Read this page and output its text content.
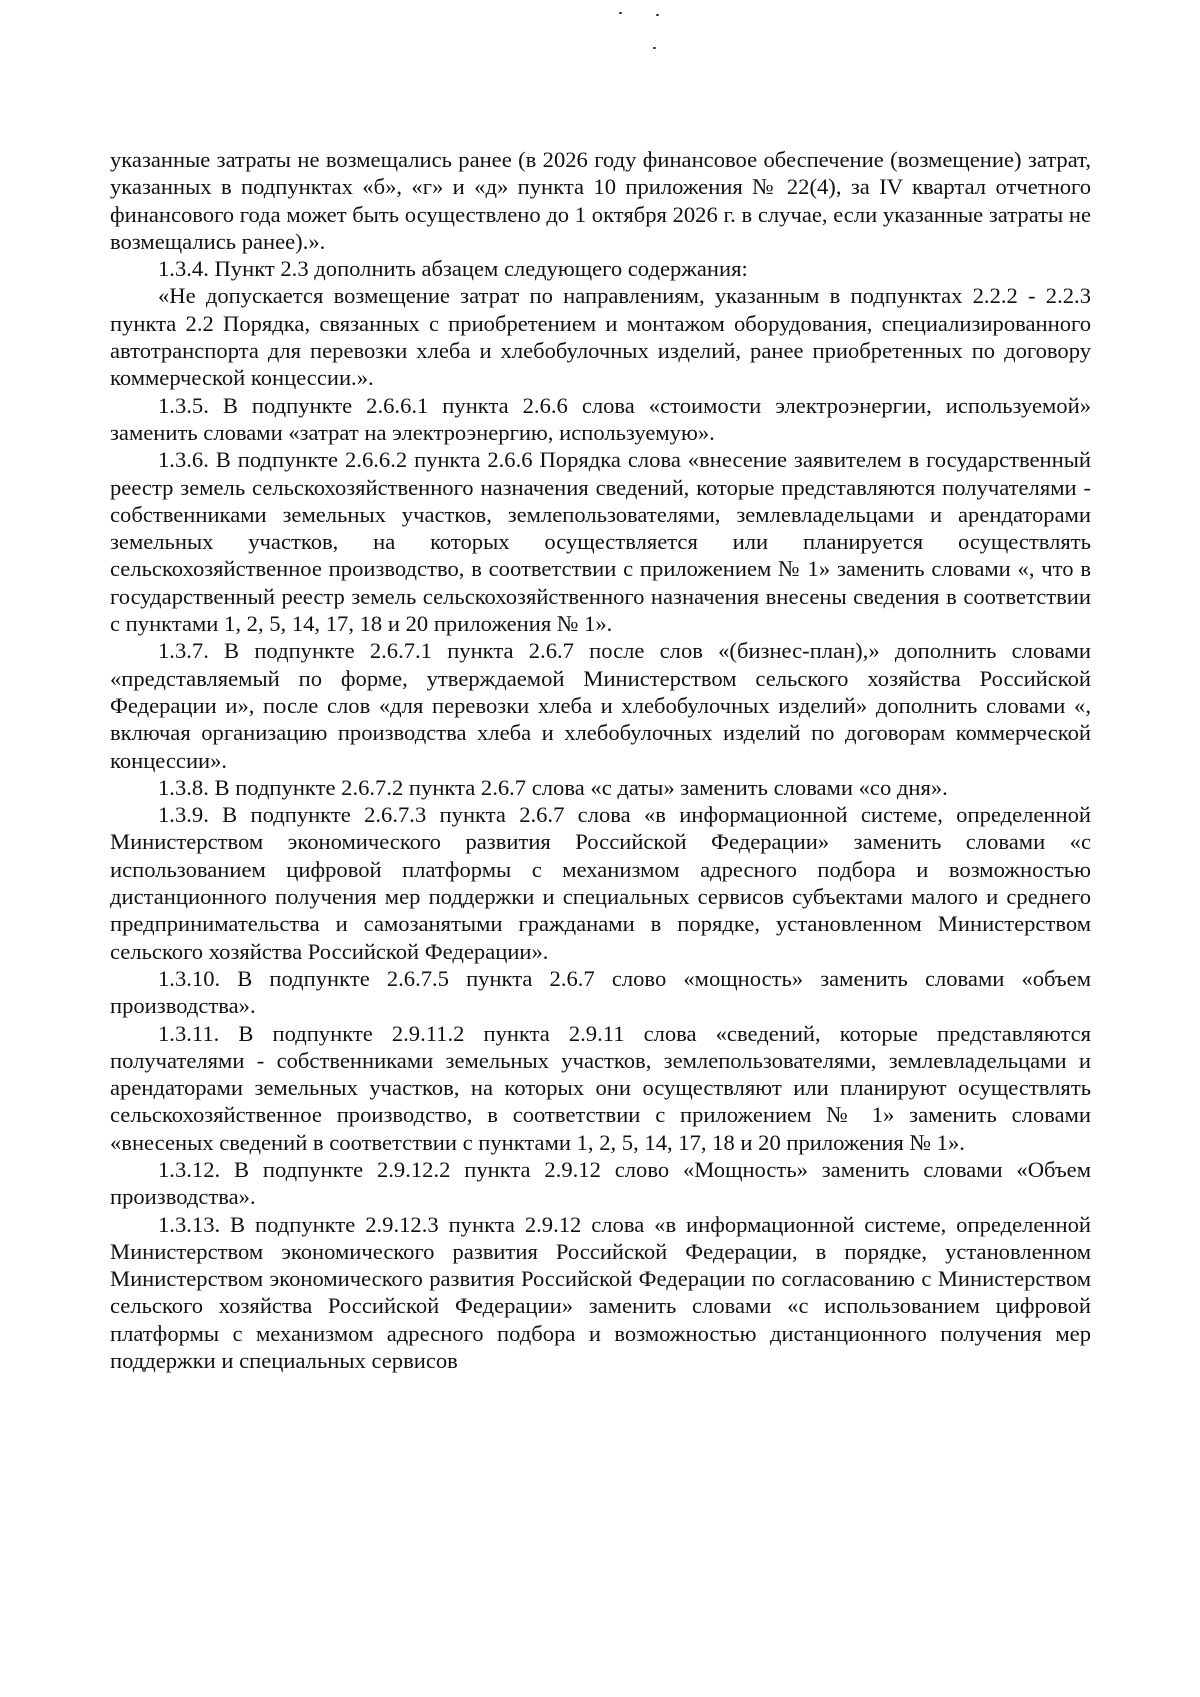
указанные затраты не возмещались ранее (в 2026 году финансовое обеспечение (возмещение) затрат, указанных в подпунктах «б», «г» и «д» пункта 10 приложения № 22(4), за IV квартал отчетного финансового года может быть осуществлено до 1 октября 2026 г. в случае, если указанные затраты не возмещались ранее).».

1.3.4. Пункт 2.3 дополнить абзацем следующего содержания:

«Не допускается возмещение затрат по направлениям, указанным в подпунктах 2.2.2 - 2.2.3 пункта 2.2 Порядка, связанных с приобретением и монтажом оборудования, специализированного автотранспорта для перевозки хлеба и хлебобулочных изделий, ранее приобретенных по договору коммерческой концессии.».

1.3.5. В подпункте 2.6.6.1 пункта 2.6.6 слова «стоимости электроэнергии, используемой» заменить словами «затрат на электроэнергию, используемую».

1.3.6. В подпункте 2.6.6.2 пункта 2.6.6 Порядка слова «внесение заявителем в государственный реестр земель сельскохозяйственного назначения сведений, которые представляются получателями - собственниками земельных участков, землепользователями, землевладельцами и арендаторами земельных участков, на которых осуществляется или планируется осуществлять сельскохозяйственное производство, в соответствии с приложением № 1» заменить словами «, что в государственный реестр земель сельскохозяйственного назначения внесены сведения в соответствии с пунктами 1, 2, 5, 14, 17, 18 и 20 приложения № 1».

1.3.7. В подпункте 2.6.7.1 пункта 2.6.7 после слов «(бизнес-план),» дополнить словами «представляемый по форме, утверждаемой Министерством сельского хозяйства Российской Федерации и», после слов «для перевозки хлеба и хлебобулочных изделий» дополнить словами «, включая организацию производства хлеба и хлебобулочных изделий по договорам коммерческой концессии».

1.3.8. В подпункте 2.6.7.2 пункта 2.6.7 слова «с даты» заменить словами «со дня».

1.3.9. В подпункте 2.6.7.3 пункта 2.6.7 слова «в информационной системе, определенной Министерством экономического развития Российской Федерации» заменить словами «с использованием цифровой платформы с механизмом адресного подбора и возможностью дистанционного получения мер поддержки и специальных сервисов субъектами малого и среднего предпринимательства и самозанятыми гражданами в порядке, установленном Министерством сельского хозяйства Российской Федерации».

1.3.10. В подпункте 2.6.7.5 пункта 2.6.7 слово «мощность» заменить словами «объем производства».

1.3.11. В подпункте 2.9.11.2 пункта 2.9.11 слова «сведений, которые представляются получателями - собственниками земельных участков, землепользователями, землевладельцами и арендаторами земельных участков, на которых они осуществляют или планируют осуществлять сельскохозяйственное производство, в соответствии с приложением № 1» заменить словами «внесеных сведений в соответствии с пунктами 1, 2, 5, 14, 17, 18 и 20 приложения № 1».

1.3.12. В подпункте 2.9.12.2 пункта 2.9.12 слово «Мощность» заменить словами «Объем производства».

1.3.13. В подпункте 2.9.12.3 пункта 2.9.12 слова «в информационной системе, определенной Министерством экономического развития Российской Федерации, в порядке, установленном Министерством экономического развития Российской Федерации по согласованию с Министерством сельского хозяйства Российской Федерации» заменить словами «с использованием цифровой платформы с механизмом адресного подбора и возможностью дистанционного получения мер поддержки и специальных сервисов
